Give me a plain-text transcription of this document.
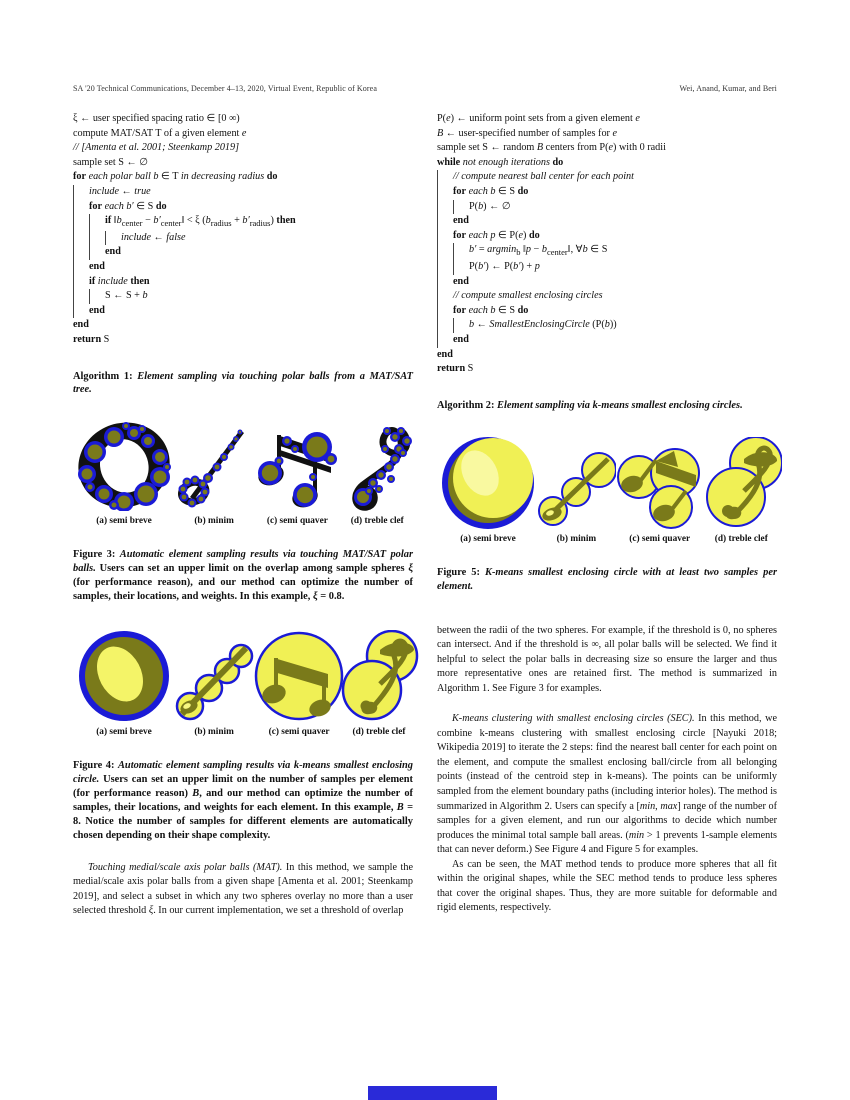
SA '20 Technical Communications, December 4–13, 2020, Virtual Event, Republic of Korea	Wei, Anand, Kumar, and Beri
ξ ← user specified spacing ratio ∈ [0 ∞)
compute MAT/SAT T of a given element e
// [Amenta et al. 2001; Steenkamp 2019]
sample set S ← ∅
for each polar ball b ∈ T in decreasing radius do
include ← true
for each b′ ∈ S do
if $‖b_{center}$ − $b'_{center}‖ < \xi$ $(b_{radius} + b'_{radius})$ then
include ← false
end
end
if include then
S ← S + b
end
end
return S
Algorithm 1: Element sampling via touching polar balls from a MAT/SAT tree.
(a) semi breve	(b) minim	(c) semi quaver (d) treble clef
Figure 3: Automatic element sampling results via touching MAT/SAT polar balls. Users can set an upper limit on the overlap among sample spheres ξ (for performance reason), and our method can optimize the number of samples, their locations, and weights. In this example, ξ = 0.8.
(a) semi breve	(b) minim	(c) semi quaver (d) treble clef
Figure 4: Automatic element sampling results via k-means smallest enclosing circle. Users can set an upper limit on the number of samples per element (for performance reason) B, and our method can optimize the number of samples, their locations, and weights for each element. In this example, B = 8. Notice the number of samples for different elements are automatically chosen depending on their shape complexity.

Touching medial/scale axis polar balls (MAT). In this method, we sample the medial/scale axis polar balls from a given shape [Amenta et al. 2001; Steenkamp 2019], and select a subset in which any two spheres overlay no more than a user selected threshold ξ. In our current implementation, we set a threshold of overlap

P(e) ← uniform point sets from a given element e
B ← user-specified number of samples for e
sample set S ← random B centers from P(e) with 0 radii
while not enough iterations do
// compute nearest ball center for each point
for each b ∈ S do
P(b) ← ∅
end
for each p ∈ P(e) do
b′ = argmin$_b$ ‖p − $b_{center}‖$, ∀b ∈ S
P(b′) ← P(b′) + p
end
// compute smallest enclosing circles
for each b ∈ S do
b ← SmallestEnclosingCircle (P(b))
end
end
return S
Algorithm 2: Element sampling via k-means smallest enclosing circles.
(a) semi breve	(b) minim	(c) semi quaver	(d) treble clef
Figure 5: K-means smallest enclosing circle with at least two samples per element.

between the radii of the two spheres. For example, if the threshold is 0, no spheres can intersect. And if the threshold is ∞, all polar balls will be selected. We find it helpful to select the polar balls in decreasing size so ensure the larger and thus more representative ones are retained first. The method is summarized in Algorithm 1. See Figure 3 for examples.

K-means clustering with smallest enclosing circles (SEC). In this method, we combine k-means clustering with smallest enclosing circle [Nayuki 2018; Wikipedia 2019] to iterate the 2 steps: find the nearest ball center for each point on the element, and compute the smallest enclosing ball/circle from all belonging points (instead of the centroid step in k-means). The points can be uniformly sampled from the element boundary paths (including interior holes). The method is summarized in Algorithm 2. Users can specify a [min, max] range of the number of samples for a given element, and run our algorithms to decide which number produces the minimal total sample ball areas. (min > 1 prevents 1-sample elements that can never deform.) See Figure 4 and Figure 5 for examples.

As can be seen, the MAT method tends to produce more spheres that all fit within the original shapes, while the SEC method tends to produce less spheres that cover the original shapes. Thus, they are more suitable for deformable and rigid elements, respectively.
